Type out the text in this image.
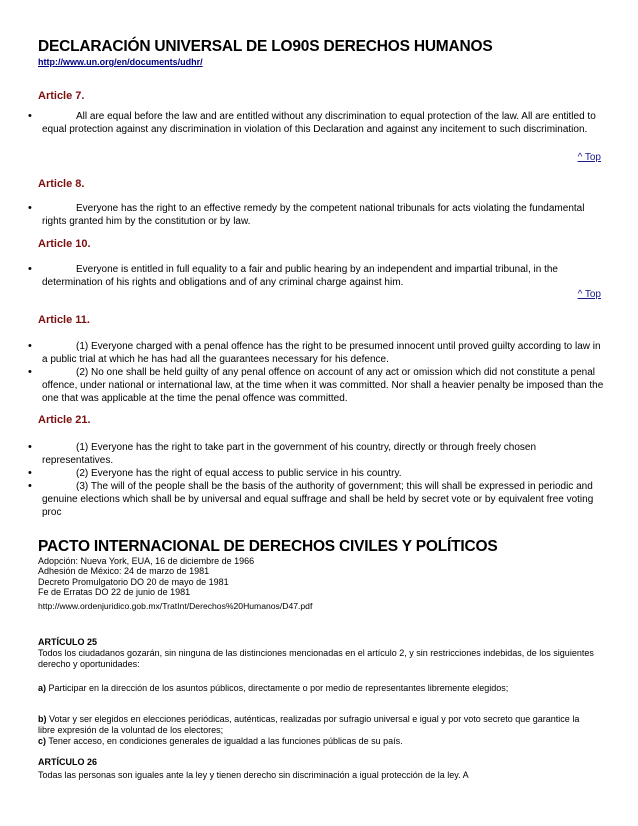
DECLARACIÓN UNIVERSAL DE LO90S DERECHOS HUMANOS
http://www.un.org/en/documents/udhr/
Article 7.
•	All are equal before the law and are entitled without any discrimination to equal protection of the law. All are entitled to equal protection against any discrimination in violation of this Declaration and against any incitement to such discrimination.

^ Top
Article 8.
•	Everyone has the right to an effective remedy by the competent national tribunals for acts violating the fundamental rights granted him by the constitution or by law.

Article 10.
•	Everyone is entitled in full equality to a fair and public hearing by an independent and impartial tribunal, in the determination of his rights and obligations and of any criminal charge against him.

^ Top
Article 11.
•	(1) Everyone charged with a penal offence has the right to be presumed innocent until proved guilty according to law in a public trial at which he has had all the guarantees necessary for his defence.

•	(2) No one shall be held guilty of any penal offence on account of any act or omission which did not constitute a penal offence, under national or international law, at the time when it was committed. Nor shall a heavier penalty be imposed than the one that was applicable at the time the penal offence was committed.

Article 21.
•	(1) Everyone has the right to take part in the government of his country, directly or through freely chosen representatives.

•	(2) Everyone has the right of equal access to public service in his country.

•	(3) The will of the people shall be the basis of the authority of government; this will shall be expressed in periodic and genuine elections which shall be by universal and equal suffrage and shall be held by secret vote or by equivalent free voting proc

PACTO INTERNACIONAL DE DERECHOS CIVILES Y POLÍTICOS
Adopción: Nueva York, EUA, 16 de diciembre de 1966
Adhesión de México: 24 de marzo de 1981
Decreto Promulgatorio DO 20 de mayo de 1981
Fe de Erratas DO 22 de junio de 1981
http://www.ordenjuridico.gob.mx/TratInt/Derechos%20Humanos/D47.pdf
ARTÍCULO 25

Todos los ciudadanos gozarán, sin ninguna de las distinciones mencionadas en el artículo 2, y sin restricciones indebidas, de los siguientes derecho y oportunidades:

a) Participar en la dirección de los asuntos públicos, directamente o por medio de representantes libremente elegidos;

b) Votar y ser elegidos en elecciones periódicas, auténticas, realizadas por sufragio universal e igual y por voto secreto que garantice la libre expresión de la voluntad de los electores;

c) Tener acceso, en condiciones generales de igualdad a las funciones públicas de su país.

ARTÍCULO 26

Todas las personas son iguales ante la ley y tienen derecho sin discriminación a igual protección de la ley. A
